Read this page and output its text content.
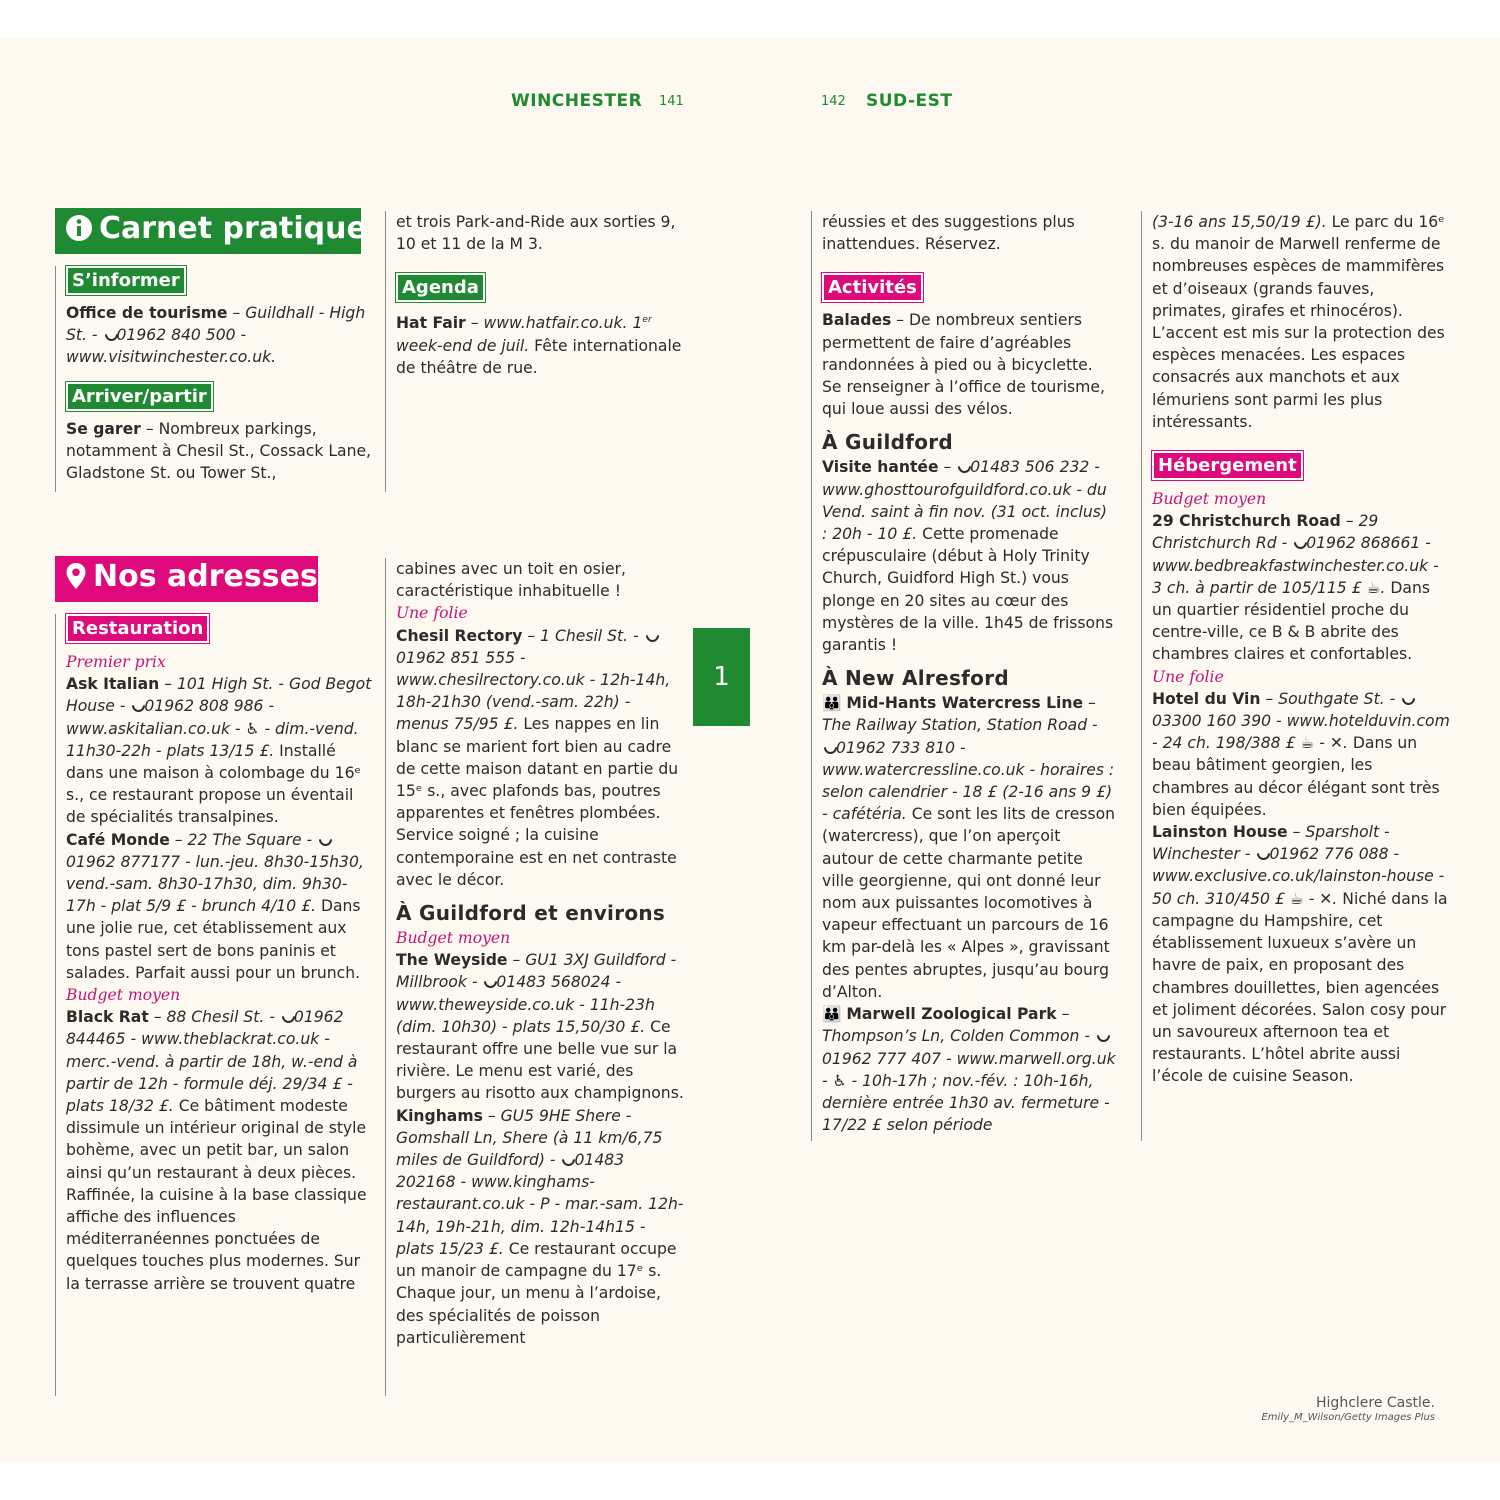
WINCHESTER 141	142 SUD-EST
1
Carnet pratique
S’informer

Office de tourisme – Guildhall - High St. - 01962 840 500 - www.visitwinchester.co.uk.

Arriver/partir

Se garer – Nombreux parkings, notamment à Chesil St., Cossack Lane, Gladstone St. ou Tower St.,

et trois Park-and-Ride aux sorties 9, 10 et 11 de la M 3.

Agenda

Hat Fair – www.hatfair.co.uk. 1er week-end de juil. Fête internationale de théâtre de rue.

Nos adresses
Restauration

Premier prix

Ask Italian – 101 High St. - God Begot House - 01962 808 986 - www.askitalian.co.uk - ♿ - dim.-vend. 11h30-22h - plats 13/15 £. Installé dans une maison à colombage du 16ᵉ s., ce restaurant propose un éventail de spécialités transalpines.

Café Monde – 22 The Square - 01962 877177 - lun.-jeu. 8h30-15h30, vend.-sam. 8h30-17h30, dim. 9h30-17h - plat 5/9 £ - brunch 4/10 £. Dans une jolie rue, cet établissement aux tons pastel sert de bons paninis et salades. Parfait aussi pour un brunch.

Budget moyen

Black Rat – 88 Chesil St. - 01962 844465 - www.theblackrat.co.uk - merc.-vend. à partir de 18h, w.-end à partir de 12h - formule déj. 29/34 £ - plats 18/32 £. Ce bâtiment modeste dissimule un intérieur original de style bohème, avec un petit bar, un salon ainsi qu’un restaurant à deux pièces. Raffinée, la cuisine à la base classique affiche des influences méditerranéennes ponctuées de quelques touches plus modernes. Sur la terrasse arrière se trouvent quatre

cabines avec un toit en osier, caractéristique inhabituelle !

Une folie

Chesil Rectory – 1 Chesil St. - 01962 851 555 - www.chesilrectory.co.uk - 12h-14h, 18h-21h30 (vend.-sam. 22h) - menus 75/95 £. Les nappes en lin blanc se marient fort bien au cadre de cette maison datant en partie du 15ᵉ s., avec plafonds bas, poutres apparentes et fenêtres plombées. Service soigné ; la cuisine contemporaine est en net contraste avec le décor.

À Guildford et environs

Budget moyen

The Weyside – GU1 3XJ Guildford - Millbrook - 01483 568024 - www.theweyside.co.uk - 11h-23h (dim. 10h30) - plats 15,50/30 £. Ce restaurant offre une belle vue sur la rivière. Le menu est varié, des burgers au risotto aux champignons.

Kinghams – GU5 9HE Shere - Gomshall Ln, Shere (à 11 km/6,75 miles de Guildford) - 01483 202168 - www.kinghams-restaurant.co.uk - P - mar.-sam. 12h-14h, 19h-21h, dim. 12h-14h15 - plats 15/23 £. Ce restaurant occupe un manoir de campagne du 17ᵉ s. Chaque jour, un menu à l’ardoise, des spécialités de poisson particulièrement

réussies et des suggestions plus inattendues. Réservez.

Activités

Balades – De nombreux sentiers permettent de faire d’agréables randonnées à pied ou à bicyclette. Se renseigner à l’office de tourisme, qui loue aussi des vélos.

À Guildford

Visite hantée – 01483 506 232 - www.ghosttourofguildford.co.uk - du Vend. saint à fin nov. (31 oct. inclus) : 20h - 10 £. Cette promenade crépusculaire (début à Holy Trinity Church, Guidford High St.) vous plonge en 20 sites au cœur des mystères de la ville. 1h45 de frissons garantis !

À New Alresford

👪 Mid-Hants Watercress Line – The Railway Station, Station Road - 01962 733 810 - www.watercressline.co.uk - horaires : selon calendrier - 18 £ (2-16 ans 9 £) - cafétéria. Ce sont les lits de cresson (watercress), que l’on aperçoit autour de cette charmante petite ville georgienne, qui ont donné leur nom aux puissantes locomotives à vapeur effectuant un parcours de 16 km par-delà les « Alpes », gravissant des pentes abruptes, jusqu’au bourg d’Alton.

👪 Marwell Zoological Park – Thompson’s Ln, Colden Common - 01962 777 407 - www.marwell.org.uk - ♿ - 10h-17h ; nov.-fév. : 10h-16h, dernière entrée 1h30 av. fermeture - 17/22 £ selon période

(3-16 ans 15,50/19 £). Le parc du 16ᵉ s. du manoir de Marwell renferme de nombreuses espèces de mammifères et d’oiseaux (grands fauves, primates, girafes et rhinocéros). L’accent est mis sur la protection des espèces menacées. Les espaces consacrés aux manchots et aux lémuriens sont parmi les plus intéressants.

Hébergement

Budget moyen

29 Christchurch Road – 29 Christchurch Rd - 01962 868661 - www.bedbreakfastwinchester.co.uk - 3 ch. à partir de 105/115 £ ☕. Dans un quartier résidentiel proche du centre-ville, ce B & B abrite des chambres claires et confortables.

Une folie

Hotel du Vin – Southgate St. - 03300 160 390 - www.hotelduvin.com - 24 ch. 198/388 £ ☕ - ✕. Dans un beau bâtiment georgien, les chambres au décor élégant sont très bien équipées.

Lainston House – Sparsholt - Winchester - 01962 776 088 - www.exclusive.co.uk/lainston-house - 50 ch. 310/450 £ ☕ - ✕. Niché dans la campagne du Hampshire, cet établissement luxueux s’avère un havre de paix, en proposant des chambres douillettes, bien agencées et joliment décorées. Salon cosy pour un savoureux afternoon tea et restaurants. L’hôtel abrite aussi l’école de cuisine Season.

Highclere Castle.
Emily_M_Wilson/Getty Images Plus
